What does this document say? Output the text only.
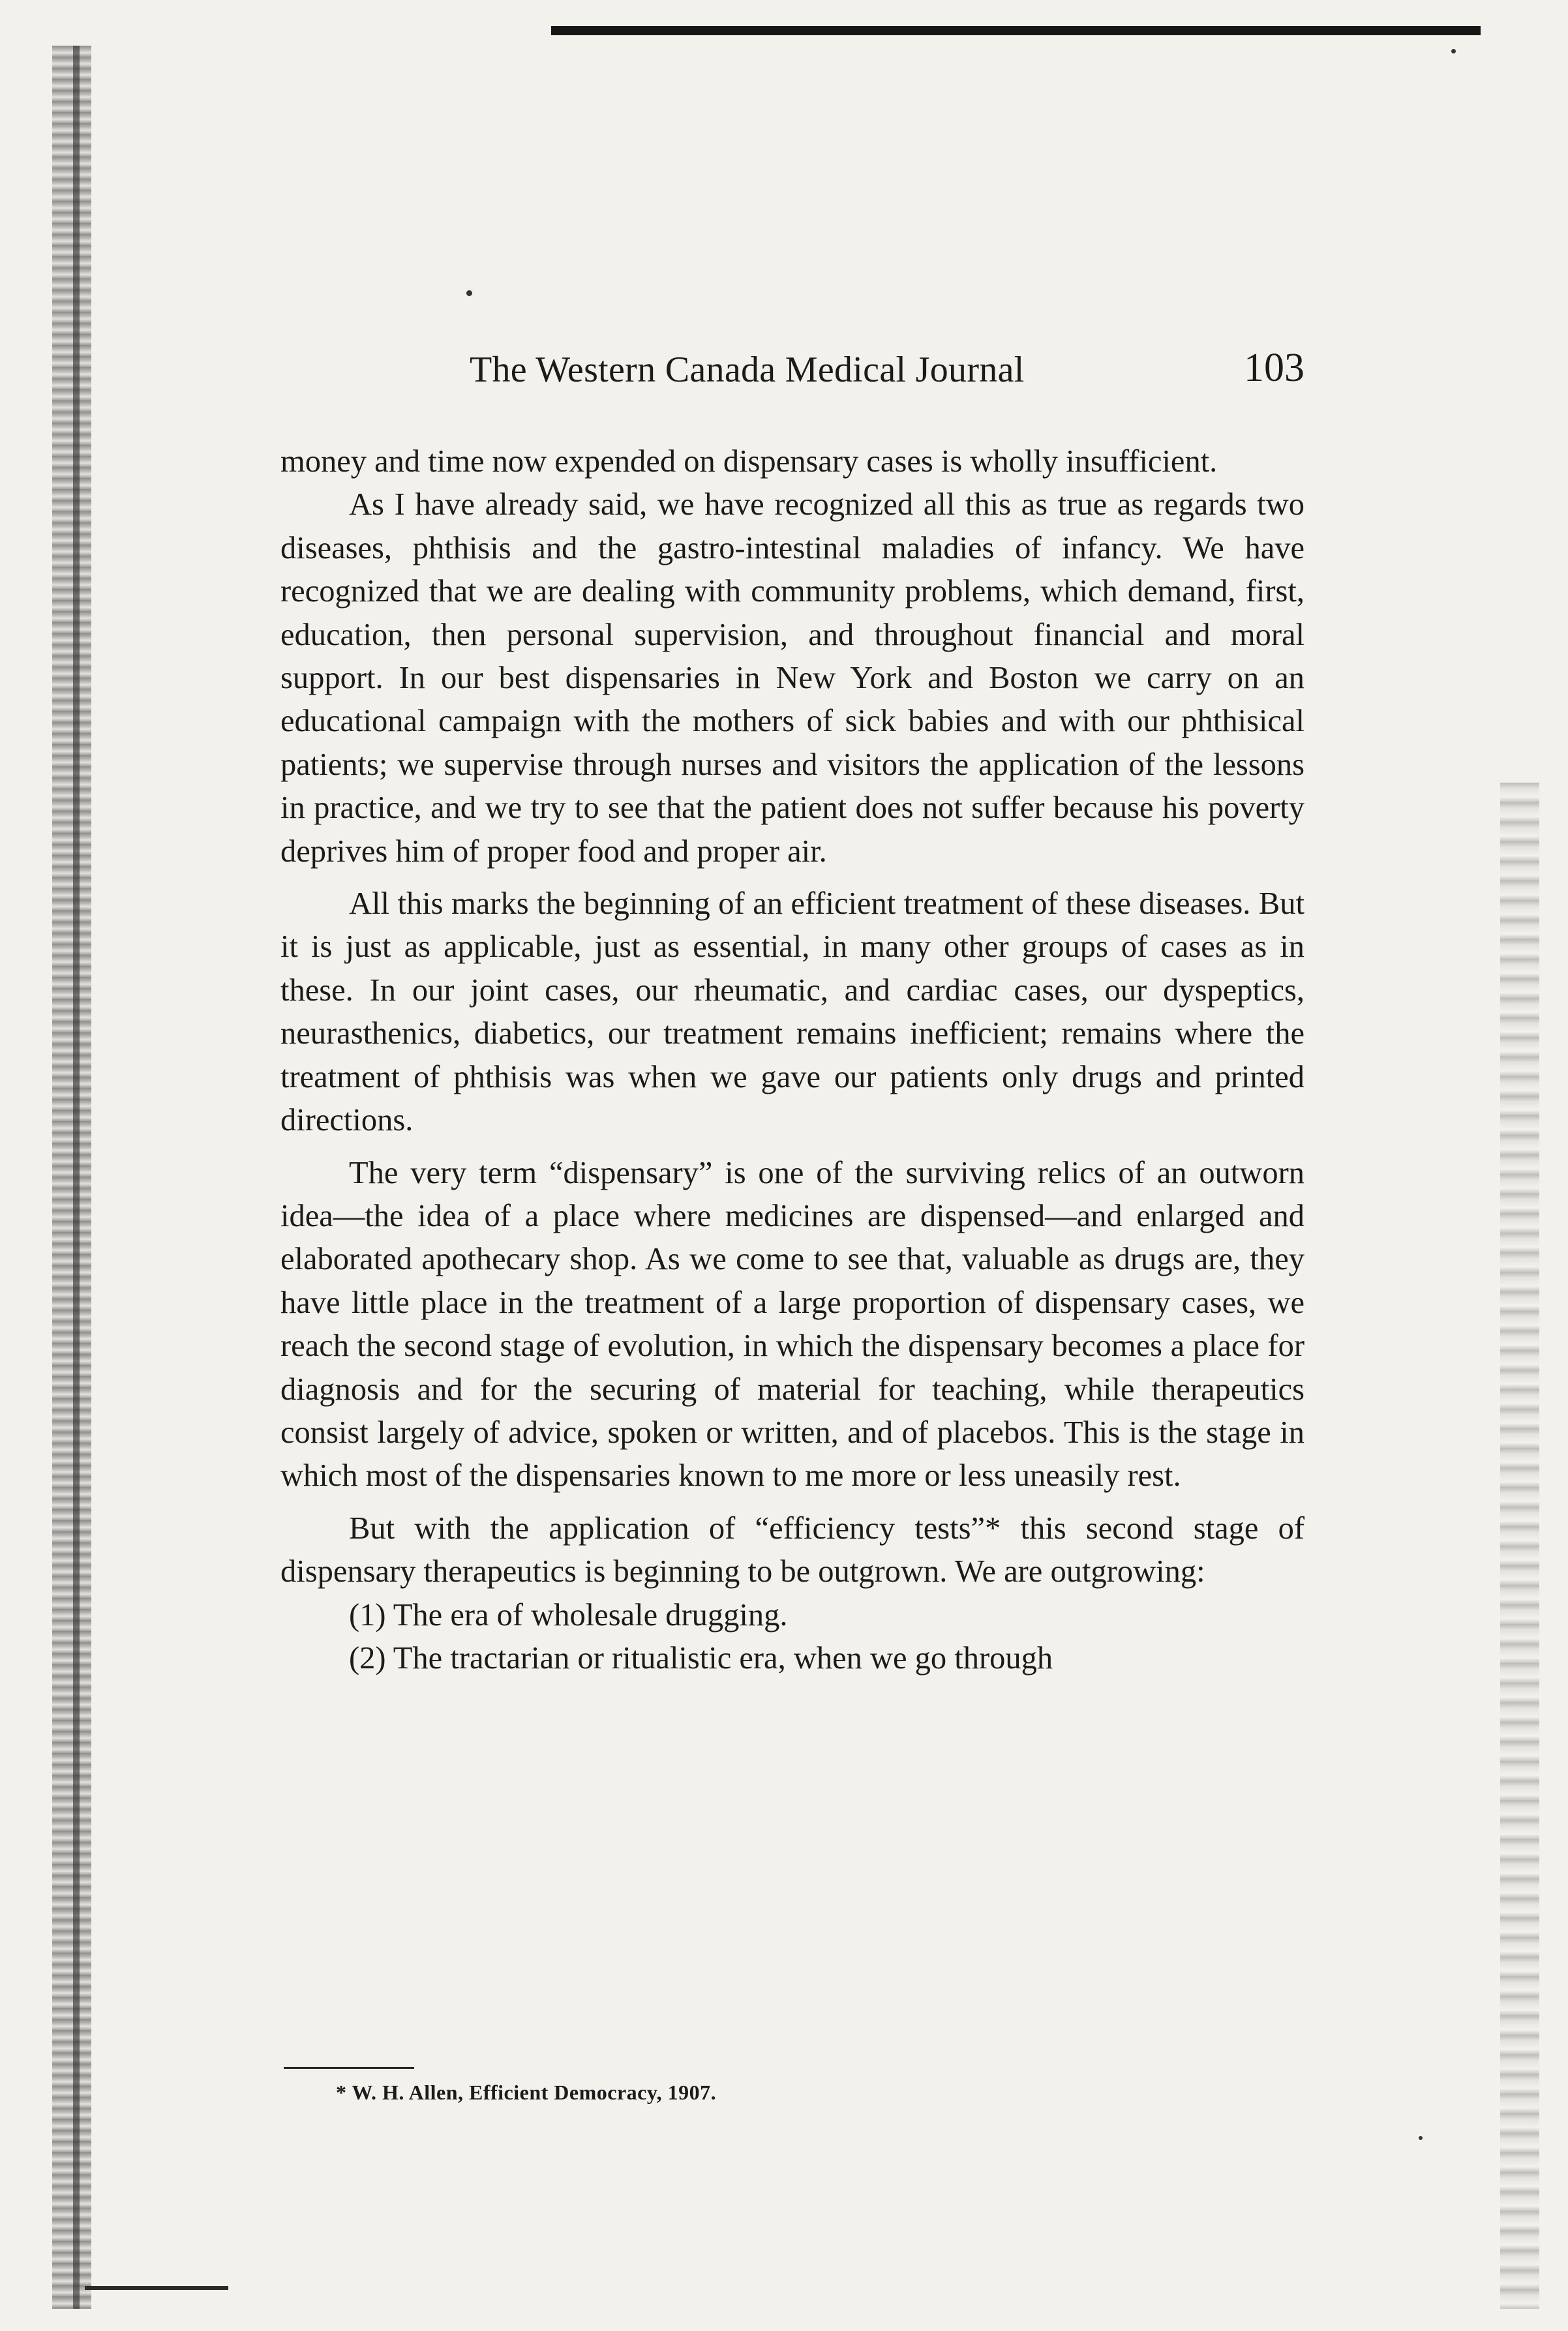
The Western Canada Medical Journal	103

money and time now expended on dispensary cases is wholly insufficient.

As I have already said, we have recognized all this as true as regards two diseases, phthisis and the gastro-intestinal maladies of infancy. We have recognized that we are dealing with community problems, which demand, first, education, then personal supervision, and throughout financial and moral support. In our best dispensaries in New York and Boston we carry on an educational campaign with the mothers of sick babies and with our phthisical patients; we supervise through nurses and visitors the application of the lessons in practice, and we try to see that the patient does not suffer because his poverty deprives him of proper food and proper air.

All this marks the beginning of an efficient treatment of these diseases. But it is just as applicable, just as essential, in many other groups of cases as in these. In our joint cases, our rheumatic, and cardiac cases, our dyspeptics, neurasthenics, diabetics, our treatment remains inefficient; remains where the treatment of phthisis was when we gave our patients only drugs and printed directions.

The very term “dispensary” is one of the surviving relics of an outworn idea—the idea of a place where medicines are dispensed—and enlarged and elaborated apothecary shop. As we come to see that, valuable as drugs are, they have little place in the treatment of a large proportion of dispensary cases, we reach the second stage of evolution, in which the dispensary becomes a place for diagnosis and for the securing of material for teaching, while therapeutics consist largely of advice, spoken or written, and of placebos. This is the stage in which most of the dispensaries known to me more or less uneasily rest.

But with the application of “efficiency tests”* this second stage of dispensary therapeutics is beginning to be outgrown. We are outgrowing:

(1) The era of wholesale drugging.

(2) The tractarian or ritualistic era, when we go through

* W. H. Allen, Efficient Democracy, 1907.
